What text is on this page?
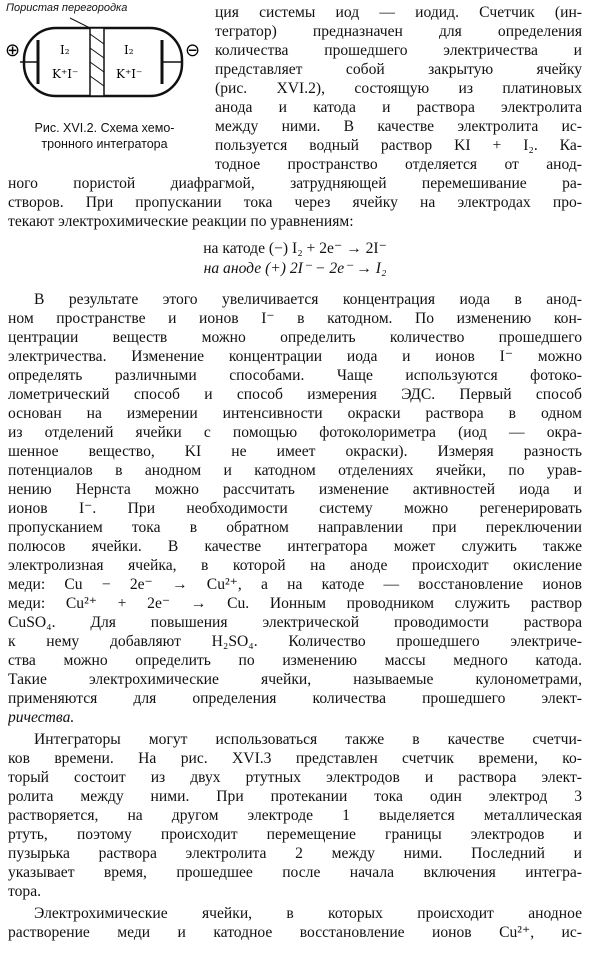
Пористая перегородка
⊕	⊖
I₂	I₂
K⁺I⁻	K⁺I⁻
Рис. XVI.2. Схема хемо-
тронного интегратора
ция системы иод — иодид. Счетчик (ин-
тегратор) предназначен для определения
количества прошедшего электричества и
представляет собой закрытую ячейку
(рис. XVI.2), состоящую из платиновых
анода и катода и раствора электролита
между ними. В качестве электролита ис-
пользуется водный раствор KI + I₂. Ка-
тодное пространство отделяется от анод-
ного пористой диафрагмой, затрудняющей перемешивание ра-
створов. При пропускании тока через ячейку на электродах про-
текают электрохимические реакции по уравнениям:
на катоде (−) I₂ + 2e⁻ → 2I⁻
на аноде (+) 2I⁻ − 2e⁻ → I₂
В результате этого увеличивается концентрация иода в анод-
ном пространстве и ионов I⁻ в катодном. По изменению кон-
центрации веществ можно определить количество прошедшего
электричества. Изменение концентрации иода и ионов I⁻ можно
определять различными способами. Чаще используются фотоко-
лометрический способ и способ измерения ЭДС. Первый способ
основан на измерении интенсивности окраски раствора в одном
из отделений ячейки с помощью фотоколориметра (иод — окра-
шенное вещество, KI не имеет окраски). Измеряя разность
потенциалов в анодном и катодном отделениях ячейки, по урав-
нению Нернста можно рассчитать изменение активностей иода и
ионов I⁻. При необходимости систему можно регенерировать
пропусканием тока в обратном направлении при переключении
полюсов ячейки. В качестве интегратора может служить также
электролизная ячейка, в которой на аноде происходит окисление
меди: Cu − 2e⁻ → Cu²⁺, а на катоде — восстановление ионов
меди: Cu²⁺ + 2e⁻ → Cu. Ионным проводником служить раствор
CuSO₄. Для повышения электрической проводимости раствора
к нему добавляют H₂SO₄. Количество прошедшего электриче-
ства можно определить по изменению массы медного катода.
Такие электрохимические ячейки, называемые кулонометрами,
применяются для определения количества прошедшего элект-
ричества.
Интеграторы могут использоваться также в качестве счетчи-
ков времени. На рис. XVI.3 представлен счетчик времени, ко-
торый состоит из двух ртутных электродов и раствора элект-
ролита между ними. При протекании тока один электрод 3
растворяется, на другом электроде 1 выделяется металлическая
ртуть, поэтому происходит перемещение границы электродов и
пузырька раствора электролита 2 между ними. Последний и
указывает время, прошедшее после начала включения интегра-
тора.
Электрохимические ячейки, в которых происходит анодное
растворение меди и катодное восстановление ионов Cu²⁺, ис-
